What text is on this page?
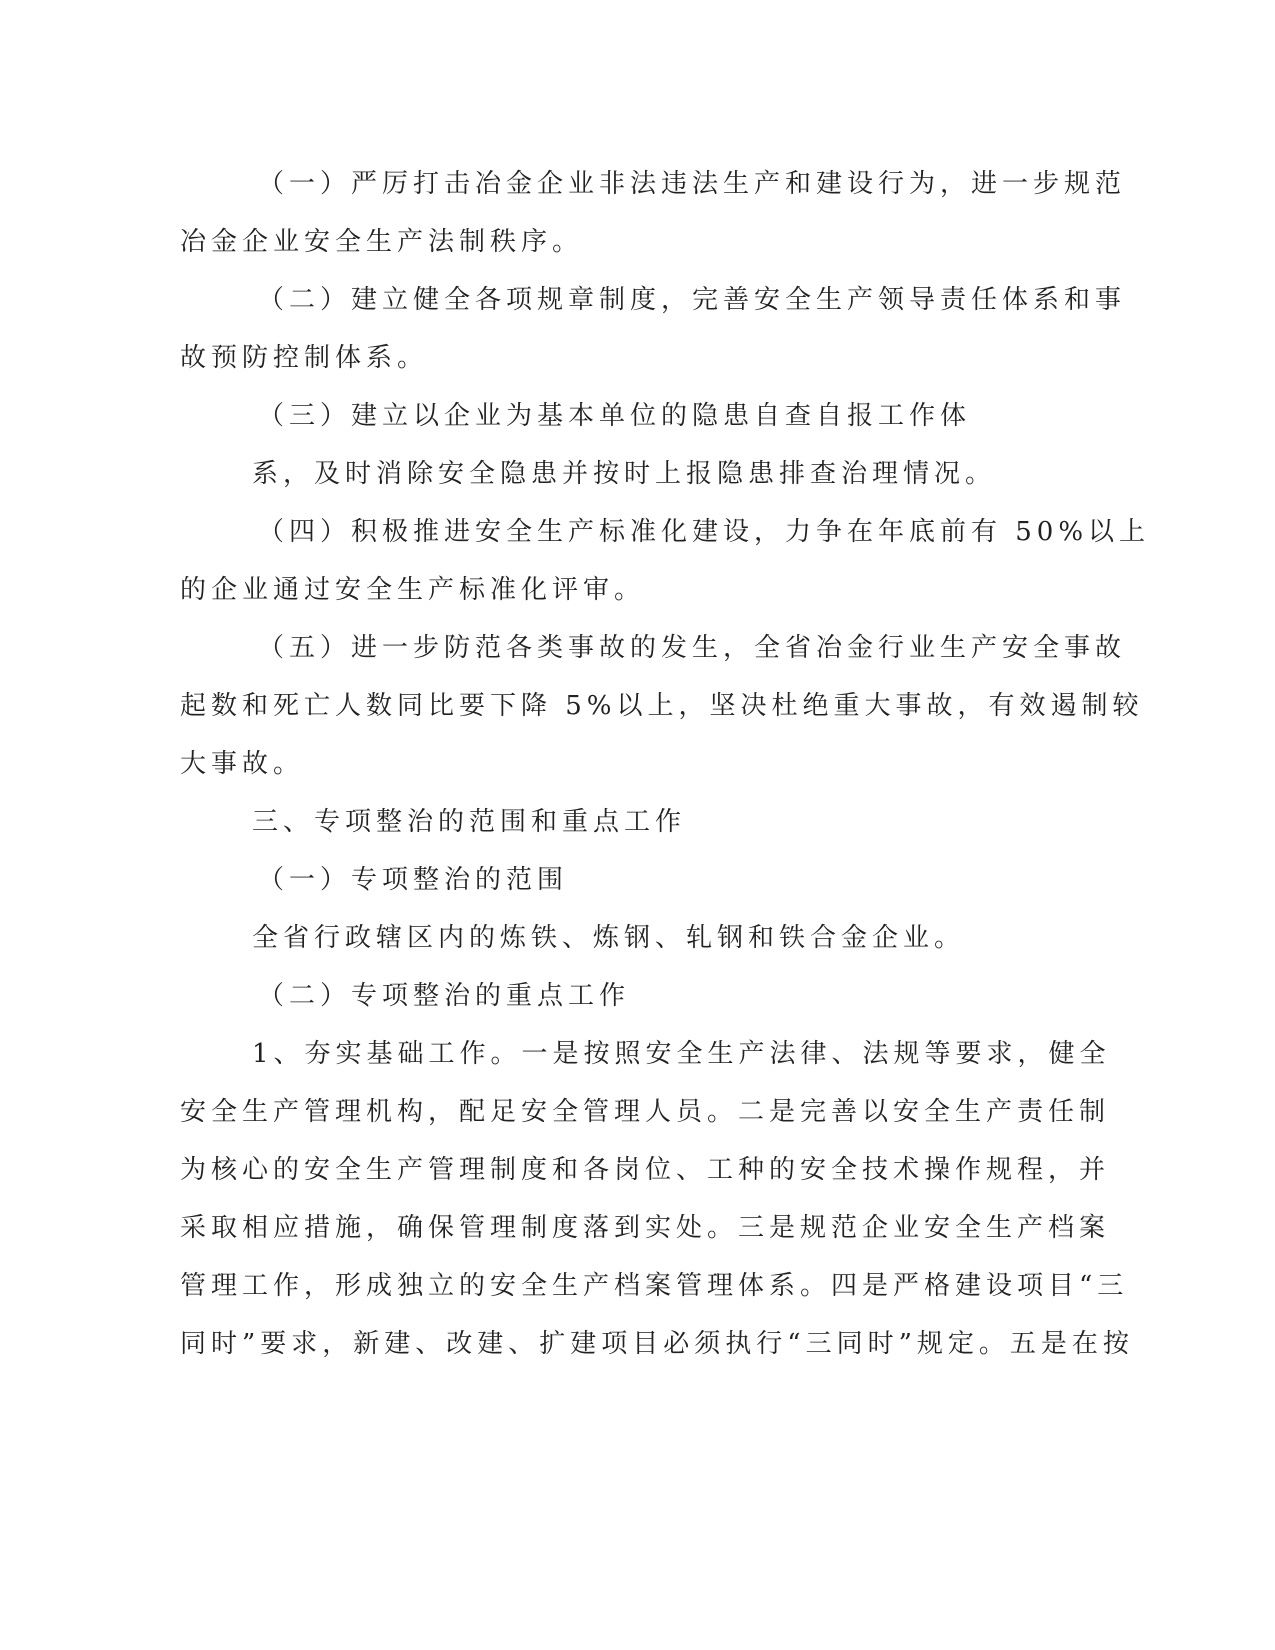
（一）严厉打击冶金企业非法违法生产和建设行为，进一步规范
冶金企业安全生产法制秩序。
（二）建立健全各项规章制度，完善安全生产领导责任体系和事
故预防控制体系。
（三）建立以企业为基本单位的隐患自查自报工作体
系，及时消除安全隐患并按时上报隐患排查治理情况。
（四）积极推进安全生产标准化建设，力争在年底前有 50%以上
的企业通过安全生产标准化评审。
（五）进一步防范各类事故的发生，全省冶金行业生产安全事故
起数和死亡人数同比要下降 5%以上，坚决杜绝重大事故，有效遏制较
大事故。
三、专项整治的范围和重点工作
（一）专项整治的范围
全省行政辖区内的炼铁、炼钢、轧钢和铁合金企业。
（二）专项整治的重点工作
1、夯实基础工作。一是按照安全生产法律、法规等要求，健全
安全生产管理机构，配足安全管理人员。二是完善以安全生产责任制
为核心的安全生产管理制度和各岗位、工种的安全技术操作规程，并
采取相应措施，确保管理制度落到实处。三是规范企业安全生产档案
管理工作，形成独立的安全生产档案管理体系。四是严格建设项目“三
同时”要求，新建、改建、扩建项目必须执行“三同时”规定。五是在按
